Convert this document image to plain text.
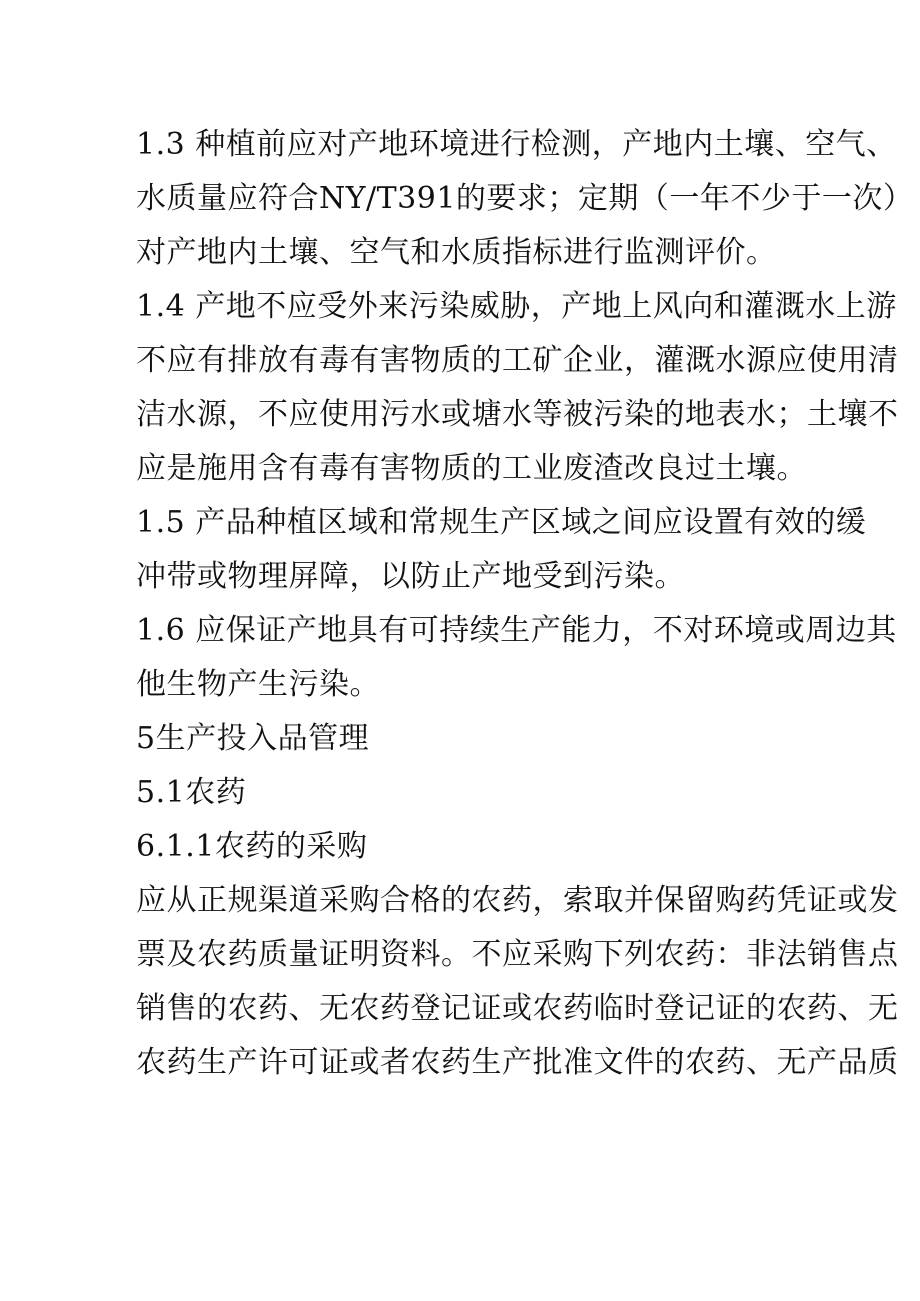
1.3 种植前应对产地环境进行检测，产地内土壤、空气、
水质量应符合NY/T391的要求；定期（一年不少于一次）
对产地内土壤、空气和水质指标进行监测评价。
1.4 产地不应受外来污染威胁，产地上风向和灌溉水上游
不应有排放有毒有害物质的工矿企业，灌溉水源应使用清
洁水源，不应使用污水或塘水等被污染的地表水；土壤不
应是施用含有毒有害物质的工业废渣改良过土壤。
1.5 产品种植区域和常规生产区域之间应设置有效的缓
冲带或物理屏障，以防止产地受到污染。
1.6 应保证产地具有可持续生产能力，不对环境或周边其
他生物产生污染。
5生产投入品管理
5.1农药
6.1.1农药的采购
应从正规渠道采购合格的农药，索取并保留购药凭证或发
票及农药质量证明资料。不应采购下列农药：非法销售点
销售的农药、无农药登记证或农药临时登记证的农药、无
农药生产许可证或者农药生产批准文件的农药、无产品质
